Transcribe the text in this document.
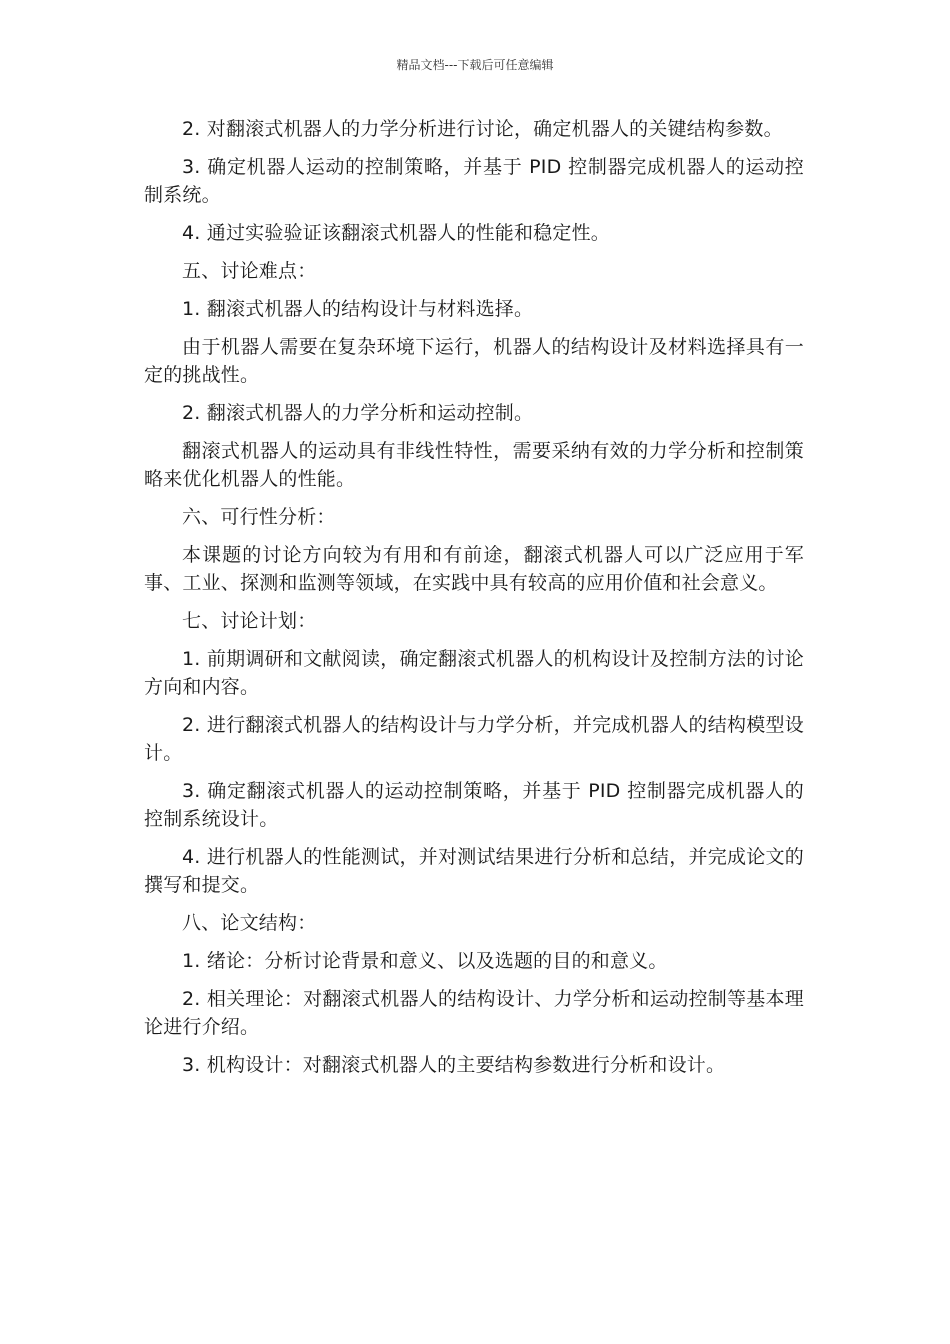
精品文档---下载后可任意编辑

2. 对翻滚式机器人的力学分析进行讨论，确定机器人的关键结构参数。

3. 确定机器人运动的控制策略，并基于 PID 控制器完成机器人的运动控制系统。

4. 通过实验验证该翻滚式机器人的性能和稳定性。

五、讨论难点：

1. 翻滚式机器人的结构设计与材料选择。

由于机器人需要在复杂环境下运行，机器人的结构设计及材料选择具有一定的挑战性。

2. 翻滚式机器人的力学分析和运动控制。

翻滚式机器人的运动具有非线性特性，需要采纳有效的力学分析和控制策略来优化机器人的性能。

六、可行性分析：

本课题的讨论方向较为有用和有前途，翻滚式机器人可以广泛应用于军事、工业、探测和监测等领域，在实践中具有较高的应用价值和社会意义。

七、讨论计划：

1. 前期调研和文献阅读，确定翻滚式机器人的机构设计及控制方法的讨论方向和内容。

2. 进行翻滚式机器人的结构设计与力学分析，并完成机器人的结构模型设计。

3. 确定翻滚式机器人的运动控制策略，并基于 PID 控制器完成机器人的控制系统设计。

4. 进行机器人的性能测试，并对测试结果进行分析和总结，并完成论文的撰写和提交。

八、论文结构：

1. 绪论：分析讨论背景和意义、以及选题的目的和意义。

2. 相关理论：对翻滚式机器人的结构设计、力学分析和运动控制等基本理论进行介绍。

3. 机构设计：对翻滚式机器人的主要结构参数进行分析和设计。
